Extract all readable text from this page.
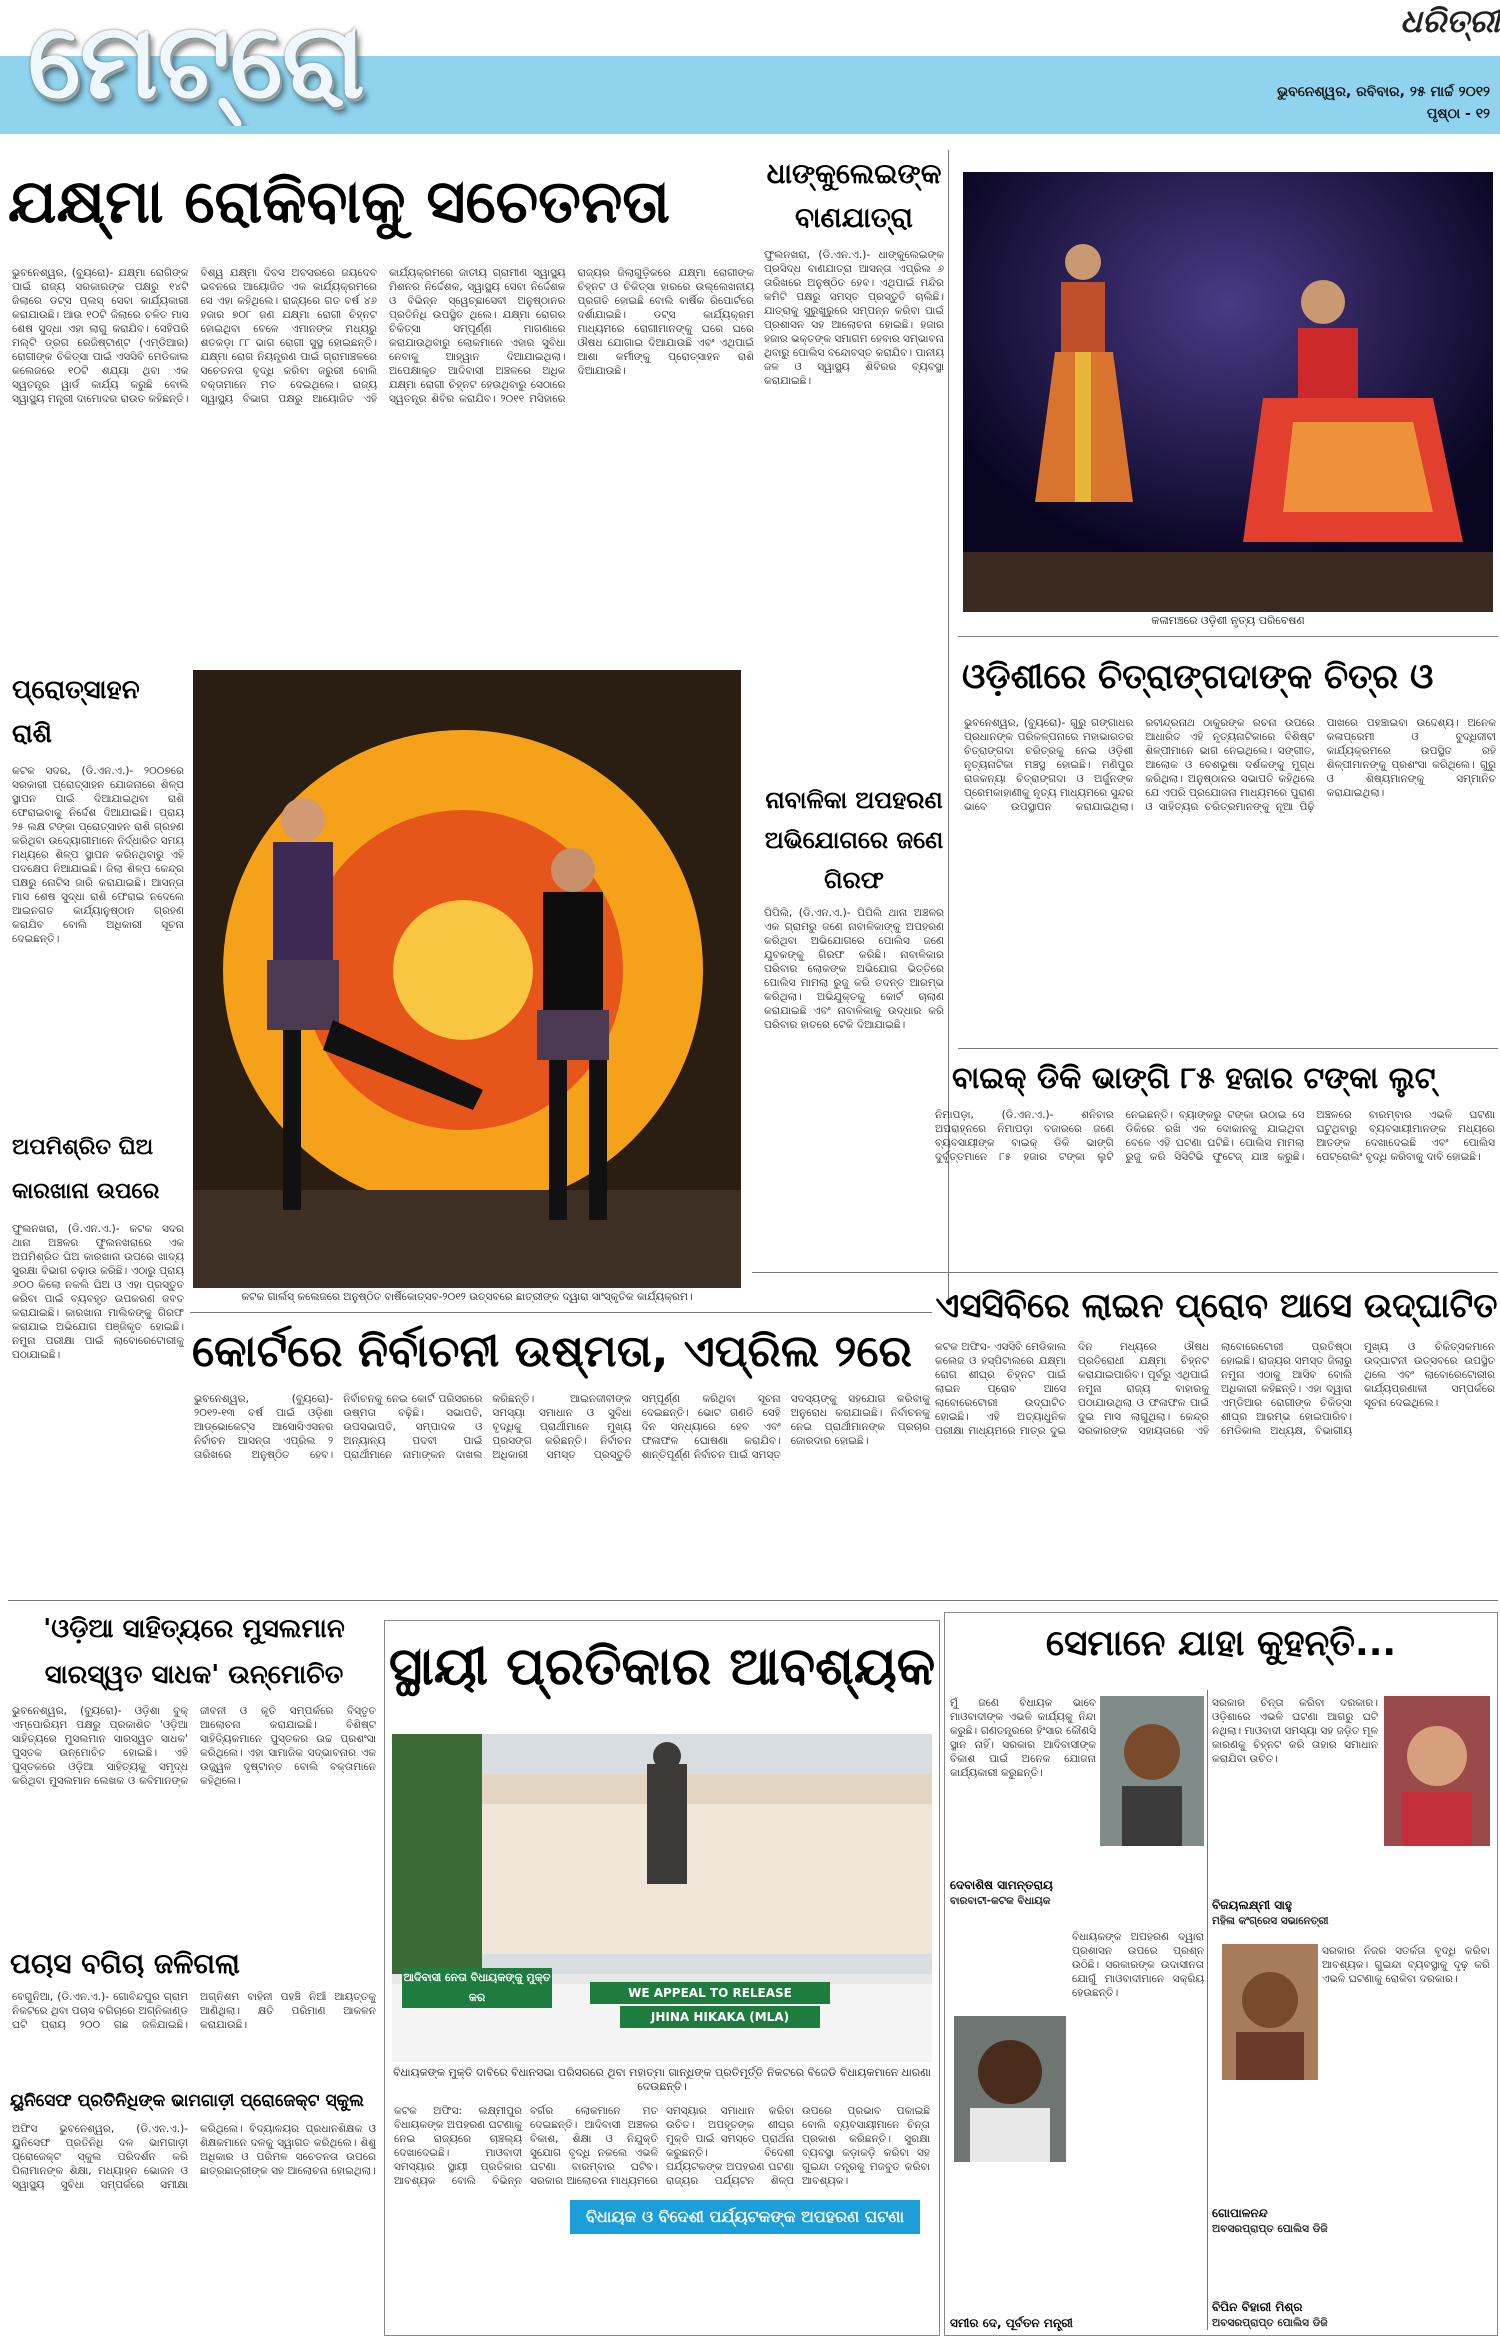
ମେଟ୍ରୋ	ଧରିତ୍ରୀ
ଭୁବନେଶ୍ୱର, ରବିବାର, ୨୫ ମାର୍ଚ୍ଚ ୨୦୧୨
ପୃଷ୍ଠା - ୧୨
ଯକ୍ଷ୍ମା ରୋକିବାକୁ ସଚେତନତା
ଭୁବନେଶ୍ୱର, (ବ୍ୟୁରୋ)- ଯକ୍ଷ୍ମା ରୋଗିଙ୍କ ପାଇଁ ରାଜ୍ୟ ସରକାରଙ୍କ ପକ୍ଷରୁ ୧୪ଟି ଜିଲାରେ ଡଟ୍ସ ପ୍ଲସ୍ ସେବା କାର୍ଯ୍ୟକାରୀ କରାଯାଉଛି। ଆଉ ୧୦ଟି ଜିଲାରେ ଚଳିତ ମାସ ଶେଷ ସୁଦ୍ଧା ଏହା ଲାଗୁ କରାଯିବ। ସେହିପରି ମଲ୍ଟି ଡ୍ରଗ ରେଜିଷ୍ଟାଣ୍ଟ (ଏମ୍ଡିଆର) ରୋଗୀଙ୍କ ଚିକିତ୍ସା ପାଇଁ ଏସସିବି ମେଡିକାଲ କଲେଜରେ ୧୦ଟି ଶଯ୍ୟା ଥିବା ଏକ ସ୍ୱତନ୍ତ୍ର ୱାର୍ଡ କାର୍ଯ୍ୟ କରୁଛି ବୋଲି ସ୍ୱାସ୍ଥ୍ୟ ମନ୍ତ୍ରୀ ଦାମୋଦର ରାଉତ କହିଛନ୍ତି। ବିଶ୍ୱ ଯକ୍ଷ୍ମା ଦିବସ ଅବସରରେ ଜୟଦେବ ଭବନରେ ଆୟୋଜିତ ଏକ କାର୍ଯ୍ୟକ୍ରମରେ ସେ ଏହା କହିଥିଲେ। ରାଜ୍ୟରେ ଗତ ବର୍ଷ ୪୬ ହଜାର ୭୦୮ ଜଣ ଯକ୍ଷ୍ମା ରୋଗୀ ଚିହ୍ନଟ ହୋଇଥିବା ବେଳେ ଏମାନଙ୍କ ମଧ୍ୟରୁ ଶତକଡ଼ା ୮୮ ଭାଗ ରୋଗୀ ସୁସ୍ଥ ହୋଇଛନ୍ତି। ଯକ୍ଷ୍ମା ରୋଗ ନିୟନ୍ତ୍ରଣ ପାଇଁ ଗ୍ରାମାଞ୍ଚଳରେ ସଚେତନତା ବୃଦ୍ଧି କରିବା ଜରୁରୀ ବୋଲି ବକ୍ତାମାନେ ମତ ଦେଇଥିଲେ। ରାଜ୍ୟ ସ୍ୱାସ୍ଥ୍ୟ ବିଭାଗ ପକ୍ଷରୁ ଆୟୋଜିତ ଏହି କାର୍ଯ୍ୟକ୍ରମରେ ଜାତୀୟ ଗ୍ରାମୀଣ ସ୍ୱାସ୍ଥ୍ୟ ମିଶନର ନିର୍ଦ୍ଦେଶକ, ସ୍ୱାସ୍ଥ୍ୟ ସେବା ନିର୍ଦ୍ଦେଶକ ଓ ବିଭିନ୍ନ ସ୍ୱେଚ୍ଛାସେବୀ ଅନୁଷ୍ଠାନର ପ୍ରତିନିଧି ଉପସ୍ଥିତ ଥିଲେ। ଯକ୍ଷ୍ମା ରୋଗର ଚିକିତ୍ସା ସମ୍ପୂର୍ଣ୍ଣ ମାଗଣାରେ କରାଯାଉଥିବାରୁ ଲୋକମାନେ ଏହାର ସୁବିଧା ନେବାକୁ ଆହ୍ୱାନ ଦିଆଯାଇଥିଲା। ଅପେକ୍ଷାକୃତ ଆଦିବାସୀ ଅଞ୍ଚଳରେ ଅଧିକ ଯକ୍ଷ୍ମା ରୋଗୀ ଚିହ୍ନଟ ହେଉଥିବାରୁ ସେଠାରେ ସ୍ୱତନ୍ତ୍ର ଶିବିର କରାଯିବ। ୨୦୧୧ ମସିହାରେ ରାଜ୍ୟର ଜିଲାଗୁଡ଼ିକରେ ଯକ୍ଷ୍ମା ରୋଗୀଙ୍କ ଚିହ୍ନଟ ଓ ଚିକିତ୍ସା ହାରରେ ଉଲ୍ଲେଖନୀୟ ପ୍ରଗତି ହୋଇଛି ବୋଲି ବାର୍ଷିକ ରିପୋର୍ଟରେ ଦର୍ଶାଯାଇଛି। ଡଟ୍ସ କାର୍ଯ୍ୟକ୍ରମ ମାଧ୍ୟମରେ ରୋଗୀମାନଙ୍କୁ ଘରେ ଘରେ ଔଷଧ ଯୋଗାଇ ଦିଆଯାଉଛି ଏବଂ ଏଥିପାଇଁ ଆଶା କର୍ମୀଙ୍କୁ ପ୍ରୋତ୍ସାହନ ରାଶି ଦିଆଯାଉଛି।
କଳାମଞ୍ଚରେ ଓଡ଼ିଶୀ ନୃତ୍ୟ ପରିବେଷଣ
ଓଡ଼ିଶୀରେ ଚିତ୍ରାଙ୍ଗଦାଙ୍କ ଚିତ୍ର ଓ
ଭୁବନେଶ୍ୱର, (ବ୍ୟୁରୋ)- ଗୁରୁ ଗଙ୍ଗାଧର ପ୍ରଧାନଙ୍କ ପରିକଳ୍ପନାରେ ମହାଭାରତର ଚିତ୍ରାଙ୍ଗଦା ଚରିତ୍ରକୁ ନେଇ ଓଡ଼ିଶୀ ନୃତ୍ୟନାଟିକା ମଞ୍ଚସ୍ଥ ହୋଇଛି। ମଣିପୁର ରାଜକନ୍ୟା ଚିତ୍ରାଙ୍ଗଦା ଓ ଅର୍ଜୁନଙ୍କ ପ୍ରେମକାହାଣୀକୁ ନୃତ୍ୟ ମାଧ୍ୟମରେ ସୁନ୍ଦର ଭାବେ ଉପସ୍ଥାପନ କରାଯାଇଥିଲା। ରବୀନ୍ଦ୍ରନାଥ ଠାକୁରଙ୍କ ରଚନା ଉପରେ ଆଧାରିତ ଏହି ନୃତ୍ୟନାଟିକାରେ ବିଶିଷ୍ଟ ଶିଳ୍ପୀମାନେ ଭାଗ ନେଇଥିଲେ। ସଙ୍ଗୀତ, ଆଲୋକ ଓ ବେଶଭୂଷା ଦର୍ଶକଙ୍କୁ ମୁଗ୍ଧ କରିଥିଲା। ଅନୁଷ୍ଠାନର ସଭାପତି କହିଥିଲେ ଯେ ଏପରି ପ୍ରଯୋଜନା ମାଧ୍ୟମରେ ପୁରାଣ ଓ ସାହିତ୍ୟର ଚରିତ୍ରମାନଙ୍କୁ ନୂଆ ପିଢ଼ି ପାଖରେ ପହଞ୍ଚାଇବା ଉଦ୍ଦେଶ୍ୟ। ଅନେକ କଳାପ୍ରେମୀ ଓ ବୁଦ୍ଧିଜୀବୀ କାର୍ଯ୍ୟକ୍ରମରେ ଉପସ୍ଥିତ ରହି ଶିଳ୍ପୀମାନଙ୍କୁ ପ୍ରଶଂସା କରିଥିଲେ। ଗୁରୁ ଓ ଶିଷ୍ୟମାନଙ୍କୁ ସମ୍ମାନିତ କରାଯାଇଥିଲା।
ଧାଙ୍କୁଲେଇଙ୍କ ବାଣଯାତ୍ରା
ଫୁଲନଖରା, (ଡି.ଏନ.ଏ.)- ଧାଙ୍କୁଲେଇଙ୍କ ପ୍ରସିଦ୍ଧ ବାଣଯାତ୍ରା ଆସନ୍ତା ଏପ୍ରିଲ ୬ ତାରିଖରେ ଅନୁଷ୍ଠିତ ହେବ। ଏଥିପାଇଁ ମନ୍ଦିର କମିଟି ପକ୍ଷରୁ ସମସ୍ତ ପ୍ରସ୍ତୁତି ଚାଲିଛି। ଯାତ୍ରାକୁ ସୁରୁଖୁରୁରେ ସମ୍ପନ୍ନ କରିବା ପାଇଁ ପ୍ରଶାସନ ସହ ଆଲୋଚନା ହୋଇଛି। ହଜାର ହଜାର ଭକ୍ତଙ୍କ ସମାଗମ ହେବାର ସମ୍ଭାବନା ଥିବାରୁ ପୋଲିସ ବନ୍ଦୋବସ୍ତ କରାଯିବ। ପାନୀୟ ଜଳ ଓ ସ୍ୱାସ୍ଥ୍ୟ ଶିବିରର ବ୍ୟବସ୍ଥା କରାଯାଇଛି।
ନାବାଳିକା ଅପହରଣ ଅଭିଯୋଗରେ ଜଣେ ଗିରଫ
ପିପିଲି, (ଡି.ଏନ.ଏ.)- ପିପିଲି ଥାନା ଅଞ୍ଚଳର ଏକ ଗ୍ରାମରୁ ଜଣେ ନାବାଳିକାଙ୍କୁ ଅପହରଣ କରିଥିବା ଅଭିଯୋଗରେ ପୋଲିସ ଜଣେ ଯୁବକଙ୍କୁ ଗିରଫ କରିଛି। ନାବାଳିକାର ପରିବାର ଲୋକଙ୍କ ଅଭିଯୋଗ ଭିତ୍ତିରେ ପୋଲିସ ମାମଲା ରୁଜୁ କରି ତଦନ୍ତ ଆରମ୍ଭ କରିଥିଲା। ଅଭିଯୁକ୍ତକୁ କୋର୍ଟ ଚାଲାଣ କରାଯାଇଛି ଏବଂ ନାବାଳିକାକୁ ଉଦ୍ଧାର କରି ପରିବାର ହାତରେ ଟେକି ଦିଆଯାଇଛି।
ପ୍ରୋତ୍ସାହନ ରାଶି
କଟକ ସଦର, (ଡି.ଏନ.ଏ.)- ୨୦୦୭ରେ ସରକାରୀ ପ୍ରୋତ୍ସାହନ ଯୋଜନାରେ ଶିଳ୍ପ ସ୍ଥାପନ ପାଇଁ ଦିଆଯାଇଥିବା ରାଶି ଫେରାଇବାକୁ ନିର୍ଦ୍ଦେଶ ଦିଆଯାଇଛି। ପ୍ରାୟ ୨୫ ଲକ୍ଷ ଟଙ୍କା ପ୍ରୋତ୍ସାହନ ରାଶି ଗ୍ରହଣ କରିଥିବା ଉଦ୍ୟୋଗୀମାନେ ନିର୍ଦ୍ଧାରିତ ସମୟ ମଧ୍ୟରେ ଶିଳ୍ପ ସ୍ଥାପନ କରିନଥିବାରୁ ଏହି ପଦକ୍ଷେପ ନିଆଯାଇଛି। ଜିଲା ଶିଳ୍ପ କେନ୍ଦ୍ର ପକ୍ଷରୁ ନୋଟିସ ଜାରି କରାଯାଇଛି। ଆସନ୍ତା ମାସ ଶେଷ ସୁଦ୍ଧା ରାଶି ଫେରାଇ ନଦେଲେ ଆଇନଗତ କାର୍ଯ୍ୟାନୁଷ୍ଠାନ ଗ୍ରହଣ କରାଯିବ ବୋଲି ଅଧିକାରୀ ସୂଚନା ଦେଇଛନ୍ତି।
ଅପମିଶ୍ରିତ ଘିଅ କାରଖାନା ଉପରେ
ଫୁଲନଖରା, (ଡି.ଏନ.ଏ.)- କଟକ ସଦର ଥାନା ଅଞ୍ଚଳର ଫୁଲନଖରାରେ ଏକ ଅପମିଶ୍ରିତ ଘିଅ କାରଖାନା ଉପରେ ଖାଦ୍ୟ ସୁରକ୍ଷା ବିଭାଗ ଚଢ଼ାଉ କରିଛି। ଏଠାରୁ ପ୍ରାୟ ୬୦୦ କିଲୋ ନକଲି ଘିଅ ଓ ଏହା ପ୍ରସ୍ତୁତ କରିବା ପାଇଁ ବ୍ୟବହୃତ ଉପକରଣ ଜବତ କରାଯାଇଛି। କାରଖାନା ମାଲିକଙ୍କୁ ଗିରଫ କରାଯାଇ ଅଭିଯୋଗ ପଞ୍ଜିକୃତ ହୋଇଛି। ନମୁନା ପରୀକ୍ଷା ପାଇଁ ଲାବୋରେଟୋରୀକୁ ପଠାଯାଇଛି।
କଟକ ଗାର୍ଲସ୍ କଲେଜରେ ଅନୁଷ୍ଠିତ ବାର୍ଷିକୋତ୍ସବ-୨୦୧୨ ଉତ୍ସବରେ ଛାତ୍ରୀଙ୍କ ଦ୍ୱାରା ସାଂସ୍କୃତିକ କାର୍ଯ୍ୟକ୍ରମ।
ବାଇକ୍ ଡିକି ଭାଙ୍ଗି ୮୫ ହଜାର ଟଙ୍କା ଲୁଟ୍
ନିମାପଡ଼ା, (ଡି.ଏନ.ଏ.)- ଶନିବାର ଅପରାହ୍ନରେ ନିମାପଡ଼ା ବଜାରରେ ଜଣେ ବ୍ୟବସାୟୀଙ୍କ ବାଇକ୍ ଡିକି ଭାଙ୍ଗି ଦୁର୍ବୃତ୍ତମାନେ ୮୫ ହଜାର ଟଙ୍କା ଲୁଟି ନେଇଛନ୍ତି। ବ୍ୟାଙ୍କରୁ ଟଙ୍କା ଉଠାଇ ସେ ଡିକିରେ ରଖି ଏକ ଦୋକାନକୁ ଯାଇଥିବା ବେଳେ ଏହି ଘଟଣା ଘଟିଛି। ପୋଲିସ ମାମଲା ରୁଜୁ କରି ସିସିଟିଭି ଫୁଟେଜ୍ ଯାଞ୍ଚ କରୁଛି। ଅଞ୍ଚଳରେ ବାରମ୍ବାର ଏଭଳି ଘଟଣା ଘଟୁଥିବାରୁ ବ୍ୟବସାୟୀମାନଙ୍କ ମଧ୍ୟରେ ଆତଙ୍କ ଦେଖାଦେଇଛି ଏବଂ ପୋଲିସ ପେଟ୍ରୋଲିଂ ବୃଦ୍ଧି କରିବାକୁ ଦାବି ହୋଇଛି।
ଏସସିବିରେ ଲାଇନ ପ୍ରୋବ ଆସେ ଉଦ୍‌ଘାଟିତ
କଟକ ଅଫିସ- ଏସସିବି ମେଡିକାଲ କଲେଜ ଓ ହସ୍ପିଟାଲରେ ଯକ୍ଷ୍ମା ରୋଗ ଶୀଘ୍ର ଚିହ୍ନଟ ପାଇଁ ଲାଇନ ପ୍ରୋବ ଆସେ ଲାବୋରେଟୋରୀ ଉଦ୍‌ଘାଟିତ ହୋଇଛି। ଏହି ଅତ୍ୟାଧୁନିକ ପରୀକ୍ଷା ମାଧ୍ୟମରେ ମାତ୍ର ଦୁଇ ଦିନ ମଧ୍ୟରେ ଔଷଧ ପ୍ରତିରୋଧୀ ଯକ୍ଷ୍ମା ଚିହ୍ନଟ କରାଯାଇପାରିବ। ପୂର୍ବରୁ ଏଥିପାଇଁ ନମୁନା ରାଜ୍ୟ ବାହାରକୁ ପଠାଯାଉଥିଲା ଓ ଫଳାଫଳ ପାଇଁ ଦୁଇ ମାସ ଲାଗୁଥିଲା। କେନ୍ଦ୍ର ସରକାରଙ୍କ ସହାୟତାରେ ଏହି ଲାବୋରେଟୋରୀ ପ୍ରତିଷ୍ଠା ହୋଇଛି। ରାଜ୍ୟର ସମସ୍ତ ଜିଲାରୁ ନମୁନା ଏଠାକୁ ଆସିବ ବୋଲି ଅଧିକାରୀ କହିଛନ୍ତି। ଏହା ଦ୍ୱାରା ଏମ୍ଡିଆର ରୋଗୀଙ୍କ ଚିକିତ୍ସା ଶୀଘ୍ର ଆରମ୍ଭ ହୋଇପାରିବ। ମେଡିକାଲ ଅଧ୍ୟକ୍ଷ, ବିଭାଗୀୟ ମୁଖ୍ୟ ଓ ଚିକିତ୍ସକମାନେ ଉଦ୍‌ଘାଟନୀ ଉତ୍ସବରେ ଉପସ୍ଥିତ ଥିଲେ ଏବଂ ଲାବୋରେଟୋରୀର କାର୍ଯ୍ୟପ୍ରଣାଳୀ ସମ୍ପର୍କରେ ସୂଚନା ଦେଇଥିଲେ।
କୋର୍ଟରେ ନିର୍ବାଚନୀ ଉଷ୍ମତା, ଏପ୍ରିଲ ୨ରେ
ଭୁବନେଶ୍ୱର, (ବ୍ୟୁରୋ)- ୨୦୧୨-୧୩ ବର୍ଷ ପାଇଁ ଓଡ଼ିଶା ଆଡ୍ଭୋକେଟ୍ସ ଆସୋସିଏସନର ନିର୍ବାଚନ ଆସନ୍ତା ଏପ୍ରିଲ ୨ ତାରିଖରେ ଅନୁଷ୍ଠିତ ହେବ। ନିର୍ବାଚନକୁ ନେଇ କୋର୍ଟ ପରିସରରେ ଉଷ୍ମତା ବଢ଼ିଛି। ସଭାପତି, ଉପସଭାପତି, ସମ୍ପାଦକ ଓ ଅନ୍ୟାନ୍ୟ ପଦବୀ ପାଇଁ ପ୍ରାର୍ଥୀମାନେ ନାମାଙ୍କନ ଦାଖଲ କରିଛନ୍ତି। ଆଇନଜୀବୀଙ୍କ ସମସ୍ୟା ସମାଧାନ ଓ ସୁବିଧା ବୃଦ୍ଧିକୁ ପ୍ରାର୍ଥୀମାନେ ମୁଖ୍ୟ ପ୍ରସଙ୍ଗ କରିଛନ୍ତି। ନିର୍ବାଚନ ଅଧିକାରୀ ସମସ୍ତ ପ୍ରସ୍ତୁତି ସମ୍ପୂର୍ଣ୍ଣ କରିଥିବା ସୂଚନା ଦେଇଛନ୍ତି। ଭୋଟ ଗଣତି ସେହି ଦିନ ସନ୍ଧ୍ୟାରେ ହେବ ଏବଂ ଫଳାଫଳ ଘୋଷଣା କରାଯିବ। ଶାନ୍ତିପୂର୍ଣ୍ଣ ନିର୍ବାଚନ ପାଇଁ ସମସ୍ତ ସଦସ୍ୟଙ୍କୁ ସହଯୋଗ କରିବାକୁ ଅନୁରୋଧ କରାଯାଇଛି। ନିର୍ବାଚନକୁ ନେଇ ପ୍ରାର୍ଥୀମାନଙ୍କ ପ୍ରଚାର ଜୋରଦାର ହୋଇଛି।
'ଓଡ଼ିଆ ସାହିତ୍ୟରେ ମୁସଲମାନ ସାରସ୍ୱତ ସାଧକ' ଉନ୍ମୋଚିତ
ଭୁବନେଶ୍ୱର, (ବ୍ୟୁରୋ)- ଓଡ଼ିଶା ବୁକ୍ ଏମ୍ପୋରିୟମ ପକ୍ଷରୁ ପ୍ରକାଶିତ 'ଓଡ଼ିଆ ସାହିତ୍ୟରେ ମୁସଲମାନ ସାରସ୍ୱତ ସାଧକ' ପୁସ୍ତକ ଉନ୍ମୋଚିତ ହୋଇଛି। ଏହି ପୁସ୍ତକରେ ଓଡ଼ିଆ ସାହିତ୍ୟକୁ ସମୃଦ୍ଧ କରିଥିବା ମୁସଲମାନ ଲେଖକ ଓ କବିମାନଙ୍କ ଜୀବନୀ ଓ କୃତି ସମ୍ପର୍କରେ ବିସ୍ତୃତ ଆଲୋଚନା କରାଯାଇଛି। ବିଶିଷ୍ଟ ସାହିତ୍ୟିକମାନେ ପୁସ୍ତକର ଉଚ୍ଚ ପ୍ରଶଂସା କରିଥିଲେ। ଏହା ସାମାଜିକ ସଦ୍‌ଭାବନାର ଏକ ଉଜ୍ଜ୍ୱଳ ଦୃଷ୍ଟାନ୍ତ ବୋଲି ବକ୍ତାମାନେ କହିଥିଲେ।
ପଚାସ ବଗିଚା ଜଳିଗଲା
ବେଗୁନିଆ, (ଡି.ଏନ.ଏ.)- ଗୋବିନ୍ଦପୁର ଗ୍ରାମ ନିକଟରେ ଥିବା ପଚାସ ବଗିଚାରେ ଅଗ୍ନିକାଣ୍ଡ ଘଟି ପ୍ରାୟ ୨୦୦ ଗଛ ଜଳିଯାଇଛି। ଅଗ୍ନିଶମ ବାହିନୀ ପହଞ୍ଚି ନିଆଁ ଆୟତ୍ତକୁ ଆଣିଥିଲା। କ୍ଷତି ପରିମାଣ ଆକଳନ କରାଯାଉଛି।
ୟୁନିସେଫ ପ୍ରତିନିଧିଙ୍କ ଭାମଗାଡ଼ୀ ପ୍ରୋଜେକ୍ଟ ସ୍କୁଲ
ଅଫିସ ଭୁବନେଶ୍ୱର, (ଡି.ଏନ.ଏ.)- ୟୁନିସେଫ ପ୍ରତିନିଧି ଦଳ ଭାମଗାଡ଼ୀ ପ୍ରୋଜେକ୍ଟ ସ୍କୁଲ ପରିଦର୍ଶନ କରି ପିଲାମାନଙ୍କ ଶିକ୍ଷା, ମଧ୍ୟାହ୍ନ ଭୋଜନ ଓ ସ୍ୱାସ୍ଥ୍ୟ ସୁବିଧା ସମ୍ପର୍କରେ ସମୀକ୍ଷା କରିଥିଲେ। ବିଦ୍ୟାଳୟର ପ୍ରଧାନଶିକ୍ଷକ ଓ ଶିକ୍ଷକମାନେ ଦଳକୁ ସ୍ୱାଗତ କରିଥିଲେ। ଶିଶୁ ଅଧିକାର ଓ ପରିମଳ ସଚେତନତା ଉପରେ ଛାତ୍ରଛାତ୍ରୀଙ୍କ ସହ ଆଲୋଚନା ହୋଇଥିଲା।
ସ୍ଥାୟୀ ପ୍ରତିକାର ଆବଶ୍ୟକ
ଆଦିବାସୀ ନେତା ବିଧାୟକଙ୍କୁ ମୁକ୍ତ କର	WE APPEAL TO RELEASE
JHINA HIKAKA (MLA)
ବିଧାୟକଙ୍କ ମୁକ୍ତି ଦାବିରେ ବିଧାନସଭା ପରିସରରେ ଥିବା ମହାତ୍ମା ଗାନ୍ଧିଙ୍କ ପ୍ରତିମୂର୍ତ୍ତି ନିକଟରେ ବିଜେଡି ବିଧାୟକମାନେ ଧାରଣା ଦେଉଛନ୍ତି।
କଟକ ଅଫିସ: ଲକ୍ଷ୍ମୀପୁର ବିଧାୟକଙ୍କ ଅପହରଣ ଘଟଣାକୁ ନେଇ ରାଜ୍ୟରେ ଚାଞ୍ଚଲ୍ୟ ଦେଖାଦେଇଛି। ମାଓବାଦୀ ସମସ୍ୟାର ସ୍ଥାୟୀ ପ୍ରତିକାର ଆବଶ୍ୟକ ବୋଲି ବିଭିନ୍ନ ବର୍ଗର ଲୋକମାନେ ମତ ଦେଇଛନ୍ତି। ଆଦିବାସୀ ଅଞ୍ଚଳର ବିକାଶ, ଶିକ୍ଷା ଓ ନିଯୁକ୍ତି ସୁଯୋଗ ବୃଦ୍ଧି ନକଲେ ଏଭଳି ଘଟଣା ବାରମ୍ବାର ଘଟିବ। ସରକାର ଆଲୋଚନା ମାଧ୍ୟମରେ ସମସ୍ୟାର ସମାଧାନ କରିବା ଉଚିତ। ଅପହୃତଙ୍କ ଶୀଘ୍ର ମୁକ୍ତି ପାଇଁ ସମସ୍ତେ ପ୍ରାର୍ଥନା କରୁଛନ୍ତି। ବିଦେଶୀ ପର୍ଯ୍ୟଟକଙ୍କ ଅପହରଣ ଘଟଣା ରାଜ୍ୟର ପର୍ଯ୍ୟଟନ ଶିଳ୍ପ ଉପରେ ପ୍ରଭାବ ପକାଇଛି ବୋଲି ବ୍ୟବସାୟୀମାନେ ଚିନ୍ତା ପ୍ରକାଶ କରିଛନ୍ତି। ସୁରକ୍ଷା ବ୍ୟବସ୍ଥା କଡ଼ାକଡ଼ି କରିବା ସହ ଗୁଇନ୍ଦା ତନ୍ତ୍ରକୁ ମଜବୁତ କରିବା ଆବଶ୍ୟକ।
ବିଧାୟକ ଓ ବିଦେଶୀ ପର୍ଯ୍ୟଟକଙ୍କ ଅପହରଣ ଘଟଣା
ସେମାନେ ଯାହା କୁହନ୍ତି...
ମୁଁ ଜଣେ ବିଧାୟକ ଭାବେ ମାଓବାଦୀଙ୍କ ଏଭଳି କାର୍ଯ୍ୟକୁ ନିନ୍ଦା କରୁଛି। ଗଣତନ୍ତ୍ରରେ ହିଂସାର କୌଣସି ସ୍ଥାନ ନାହିଁ। ସରକାର ଆଦିବାସୀଙ୍କ ବିକାଶ ପାଇଁ ଅନେକ ଯୋଜନା କାର୍ଯ୍ୟକାରୀ କରୁଛନ୍ତି।
ଦେବାଶିଷ ସାମନ୍ତରାୟ
ବାରବାଟୀ-କଟକ ବିଧାୟକ
ସରକାର ଚିନ୍ତା କରିବା ଦରକାର। ଓଡ଼ିଶାରେ ଏଭଳି ଘଟଣା ଆଗରୁ ଘଟି ନଥିଲା। ମାଓବାଦୀ ସମସ୍ୟା ସହ ଜଡ଼ିତ ମୂଳ କାରଣକୁ ଚିହ୍ନଟ କରି ତାହାର ସମାଧାନ କରାଯିବା ଉଚିତ।
ବିଜୟଲକ୍ଷ୍ମୀ ସାହୁ
ମହିଳା କଂଗ୍ରେସ ସଭାନେତ୍ରୀ
ବିଧାୟକଙ୍କ ଅପହରଣ ଦ୍ୱାରା ପ୍ରଶାସନ ଉପରେ ପ୍ରଶ୍ନ ଉଠିଛି। ସରକାରଙ୍କ ଉଦାସୀନତା ଯୋଗୁଁ ମାଓବାଦୀମାନେ ସକ୍ରିୟ ହେଉଛନ୍ତି।
ଗୋପାଳନନ୍ଦ
ଅବସରପ୍ରାପ୍ତ ପୋଲିସ ଡିଜି
ସରକାର ନିଜର ସତର୍କତା ବୃଦ୍ଧି କରିବା ଆବଶ୍ୟକ। ଗୁଇନ୍ଦା ବ୍ୟବସ୍ଥାକୁ ଦୃଢ଼ କରି ଏଭଳି ଘଟଣାକୁ ରୋକିବା ଦରକାର।
ବିପିନ ବିହାରୀ ମିଶ୍ର
ଅବସରପ୍ରାପ୍ତ ପୋଲିସ ଡିଜି
ସମୀର ଦେ, ପୂର୍ବତନ ମନ୍ତ୍ରୀ
